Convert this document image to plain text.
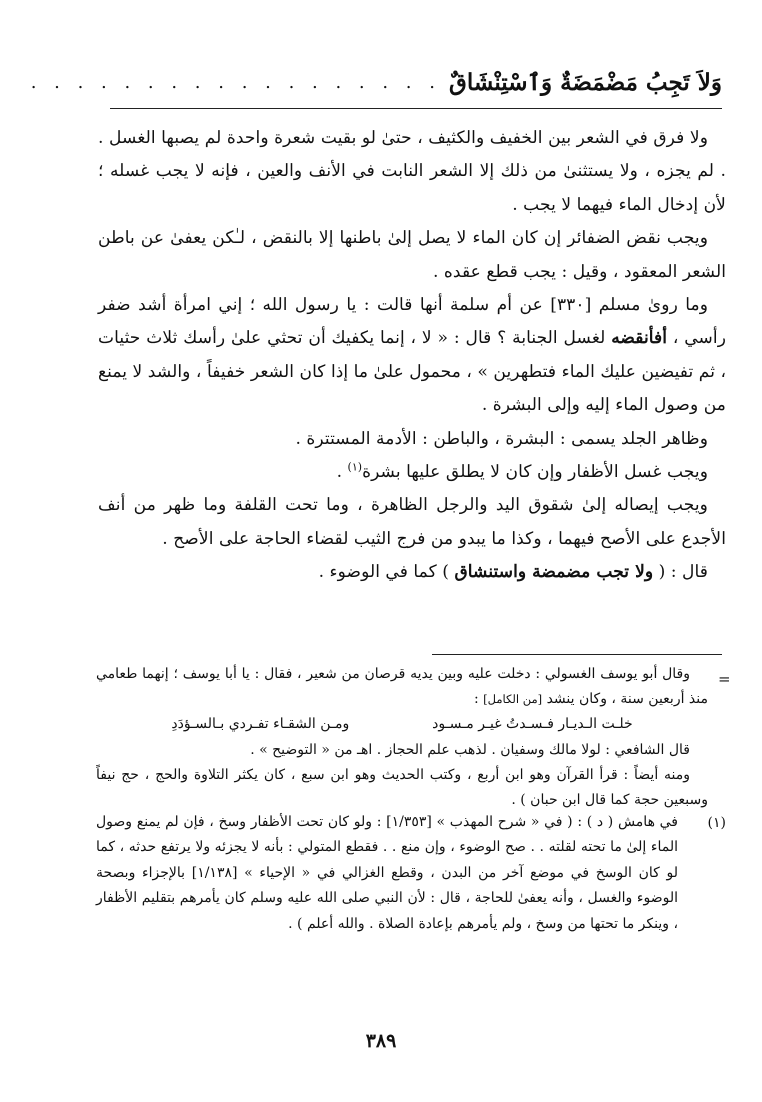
وَلاَ تَجِبُ مَضْمَضَةٌ وَٱسْتِنْشَاقٌ
. . . . . . . . . . . . . . . . . .

ولا فرق في الشعر بين الخفيف والكثيف ، حتىٰ لو بقيت شعرة واحدة لم يصبها الغسل . . لم يجزه ، ولا يستثنىٰ من ذلك إلا الشعر النابت في الأنف والعين ، فإنه لا يجب غسله ؛ لأن إدخال الماء فيهما لا يجب .

ويجب نقض الضفائر إن كان الماء لا يصل إلىٰ باطنها إلا بالنقض ، لـٰكن يعفىٰ عن باطن الشعر المعقود ، وقيل : يجب قطع عقده .

وما روىٰ مسلم [٣٣٠] عن أم سلمة أنها قالت : يا رسول الله ؛ إني امرأة أشد ضفر رأسي ، أفأنقضه لغسل الجنابة ؟ قال : « لا ، إنما يكفيك أن تحثي علىٰ رأسك ثلاث حثيات ، ثم تفيضين عليك الماء فتطهرين » ، محمول علىٰ ما إذا كان الشعر خفيفاً ، والشد لا يمنع من وصول الماء إليه وإلى البشرة .

وظاهر الجلد يسمى : البشرة ، والباطن : الأدمة المستترة .

ويجب غسل الأظفار وإن كان لا يطلق عليها بشرة$^{(١)}$ .

ويجب إيصاله إلىٰ شقوق اليد والرجل الظاهرة ، وما تحت القلفة وما ظهر من أنف الأجدع على الأصح فيهما ، وكذا ما يبدو من فرج الثيب لقضاء الحاجة على الأصح .

قال : ( ولا تجب مضمضة واستنشاق ) كما في الوضوء .

=

وقال أبو يوسف الغسولي : دخلت عليه وبين يديه قرصان من شعير ، فقال : يا أبا يوسف ؛ إنهما طعامي منذ أربعين سنة ، وكان ينشد [من الكامل] :

خلـت الـديـار فـسـدتُ غيـر مـسـود
ومـن الشقـاء تفـردي بـالسـؤدَدِ

قال الشافعي : لولا مالك وسفيان . لذهب علم الحجاز . اهـ من « التوضيح » .

ومنه أيضاً : قرأ القرآن وهو ابن أربع ، وكتب الحديث وهو ابن سبع ، كان يكثر التلاوة والحج ، حج نيفاً وسبعين حجة كما قال ابن حبان ) .

(١)

في هامش ( د ) : ( في « شرح المهذب » [١/٣٥٣] : ولو كان تحت الأظفار وسخ ، فإن لم يمنع وصول الماء إلىٰ ما تحته لقلته . . صح الوضوء ، وإن منع . . فقطع المتولي : بأنه لا يجزئه ولا يرتفع حدثه ، كما لو كان الوسخ في موضع آخر من البدن ، وقطع الغزالي في « الإحياء » [١/١٣٨] بالإجزاء وبصحة الوضوء والغسل ، وأنه يعفىٰ للحاجة ، قال : لأن النبي صلى الله عليه وسلم كان يأمرهم بتقليم الأظفار ، وينكر ما تحتها من وسخ ، ولم يأمرهم بإعادة الصلاة . والله أعلم ) .

٣٨٩
